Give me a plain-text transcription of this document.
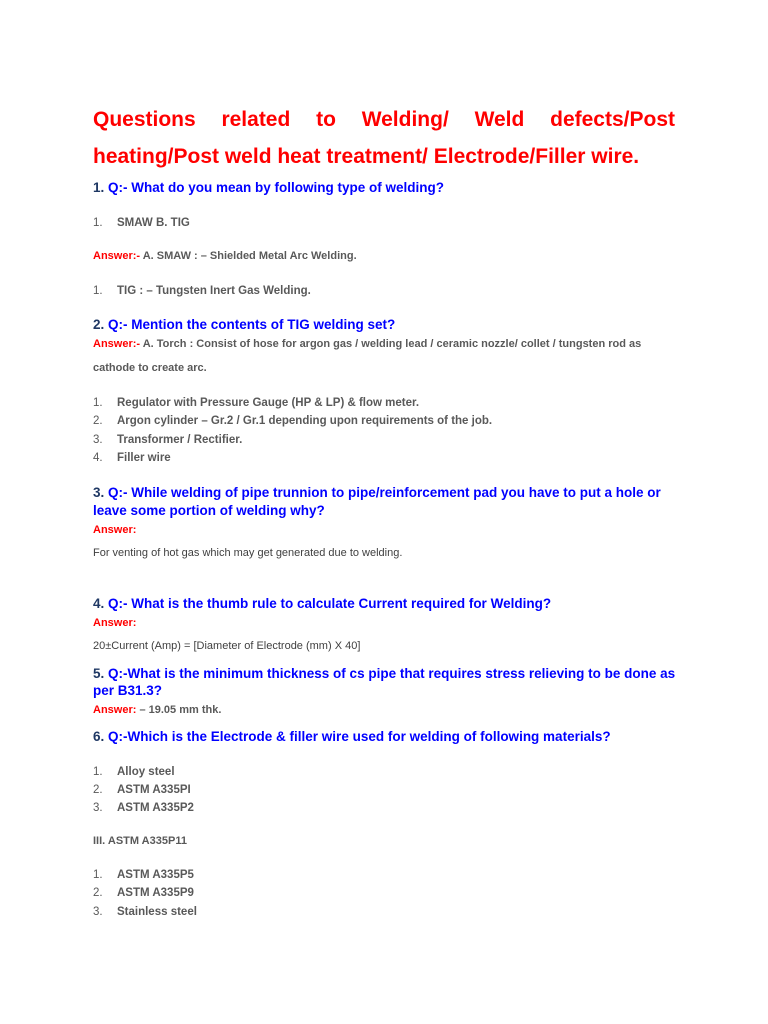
Questions related to Welding/ Weld defects/Post

heating/Post weld heat treatment/ Electrode/Filler wire.

1. Q:- What do you mean by following type of welding?

1. SMAW B. TIG

Answer:- A. SMAW : – Shielded Metal Arc Welding.

1. TIG : – Tungsten Inert Gas Welding.

2. Q:- Mention the contents of TIG welding set?

Answer:- A. Torch : Consist of hose for argon gas / welding lead / ceramic nozzle/ collet / tungsten rod as

cathode to create arc.

1. Regulator with Pressure Gauge (HP & LP) & flow meter.

2. Argon cylinder – Gr.2 / Gr.1 depending upon requirements of the job.

3. Transformer / Rectifier.

4. Filler wire

3. Q:- While welding of pipe trunnion to pipe/reinforcement pad you have to put a hole or

leave some portion of welding why?

Answer:

For venting of hot gas which may get generated due to welding.

4. Q:- What is the thumb rule to calculate Current required for Welding?

Answer:

20±Current (Amp) = [Diameter of Electrode (mm) X 40]

5. Q:-What is the minimum thickness of cs pipe that requires stress relieving to be done as

per B31.3?

Answer: – 19.05 mm thk.

6. Q:-Which is the Electrode & filler wire used for welding of following materials?

1. Alloy steel

2. ASTM A335PI

3. ASTM A335P2

III. ASTM A335P11

1. ASTM A335P5

2. ASTM A335P9

3. Stainless steel
